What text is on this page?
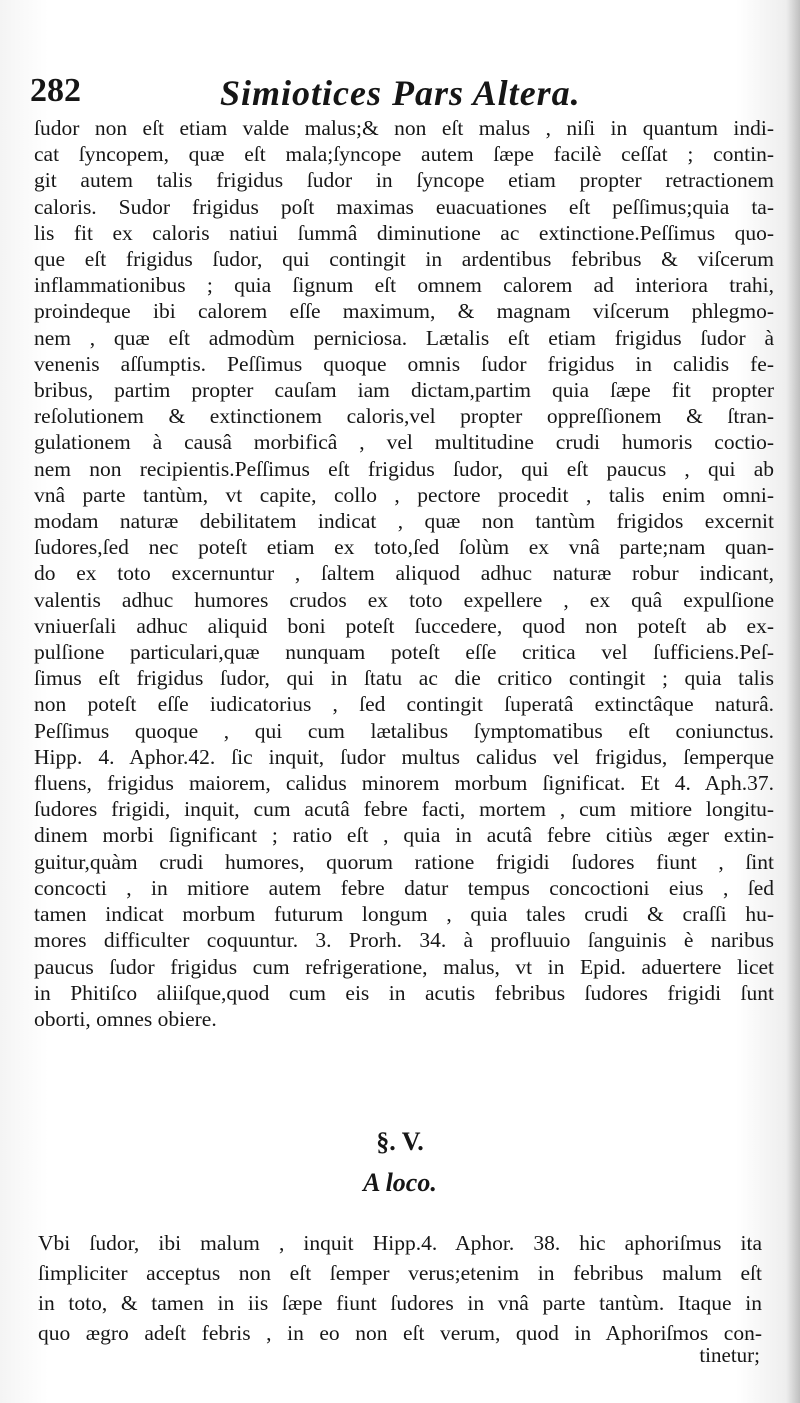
282	Simiotices Pars Altera.
ſudor non eſt etiam valde malus;& non eſt malus , niſi in quantum indi-
cat ſyncopem, quæ eſt mala;ſyncope autem ſæpe facilè ceſſat ; contin-
git autem talis frigidus ſudor in ſyncope etiam propter retractionem
caloris. Sudor frigidus poſt maximas euacuationes eſt peſſimus;quia ta-
lis fit ex caloris natiui ſummâ diminutione ac extinctione.Peſſimus quo-
que eſt frigidus ſudor, qui contingit in ardentibus febribus & viſcerum
inflammationibus ; quia ſignum eſt omnem calorem ad interiora trahi,
proindeque ibi calorem eſſe maximum, & magnam viſcerum phlegmo-
nem , quæ eſt admodùm perniciosa. Lætalis eſt etiam frigidus ſudor à
venenis aſſumptis. Peſſimus quoque omnis ſudor frigidus in calidis fe-
bribus, partim propter cauſam iam dictam,partim quia ſæpe fit propter
reſolutionem & extinctionem caloris,vel propter oppreſſionem & ſtran-
gulationem à causâ morbificâ , vel multitudine crudi humoris coctio-
nem non recipientis.Peſſimus eſt frigidus ſudor, qui eſt paucus , qui ab
vnâ parte tantùm, vt capite, collo , pectore procedit , talis enim omni-
modam naturæ debilitatem indicat , quæ non tantùm frigidos excernit
ſudores,ſed nec poteſt etiam ex toto,ſed ſolùm ex vnâ parte;nam quan-
do ex toto excernuntur , ſaltem aliquod adhuc naturæ robur indicant,
valentis adhuc humores crudos ex toto expellere , ex quâ expulſione
vniuerſali adhuc aliquid boni poteſt ſuccedere, quod non poteſt ab ex-
pulſione particulari,quæ nunquam poteſt eſſe critica vel ſufficiens.Peſ-
ſimus eſt frigidus ſudor, qui in ſtatu ac die critico contingit ; quia talis
non poteſt eſſe iudicatorius , ſed contingit ſuperatâ extinctâque naturâ.
Peſſimus quoque , qui cum lætalibus ſymptomatibus eſt coniunctus.
Hipp. 4. Aphor.42. ſic inquit, ſudor multus calidus vel frigidus, ſemperque
fluens, frigidus maiorem, calidus minorem morbum ſignificat. Et 4. Aph.37.
ſudores frigidi, inquit, cum acutâ febre facti, mortem , cum mitiore longitu-
dinem morbi ſignificant ; ratio eſt , quia in acutâ febre citiùs æger extin-
guitur,quàm crudi humores, quorum ratione frigidi ſudores fiunt , ſint
concocti , in mitiore autem febre datur tempus concoctioni eius , ſed
tamen indicat morbum futurum longum , quia tales crudi & craſſi hu-
mores difficulter coquuntur. 3. Prorh. 34. à profluuio ſanguinis è naribus
paucus ſudor frigidus cum refrigeratione, malus, vt in Epid. aduertere licet
in Phitiſco aliiſque,quod cum eis in acutis febribus ſudores frigidi ſunt
oborti, omnes obiere.
§. V.
A loco.
Vbi ſudor, ibi malum , inquit Hipp.4. Aphor. 38. hic aphoriſmus ita
ſimpliciter acceptus non eſt ſemper verus;etenim in febribus malum eſt
in toto, & tamen in iis ſæpe fiunt ſudores in vnâ parte tantùm. Itaque in
quo ægro adeſt febris , in eo non eſt verum, quod in Aphoriſmos con-
tinetur;
